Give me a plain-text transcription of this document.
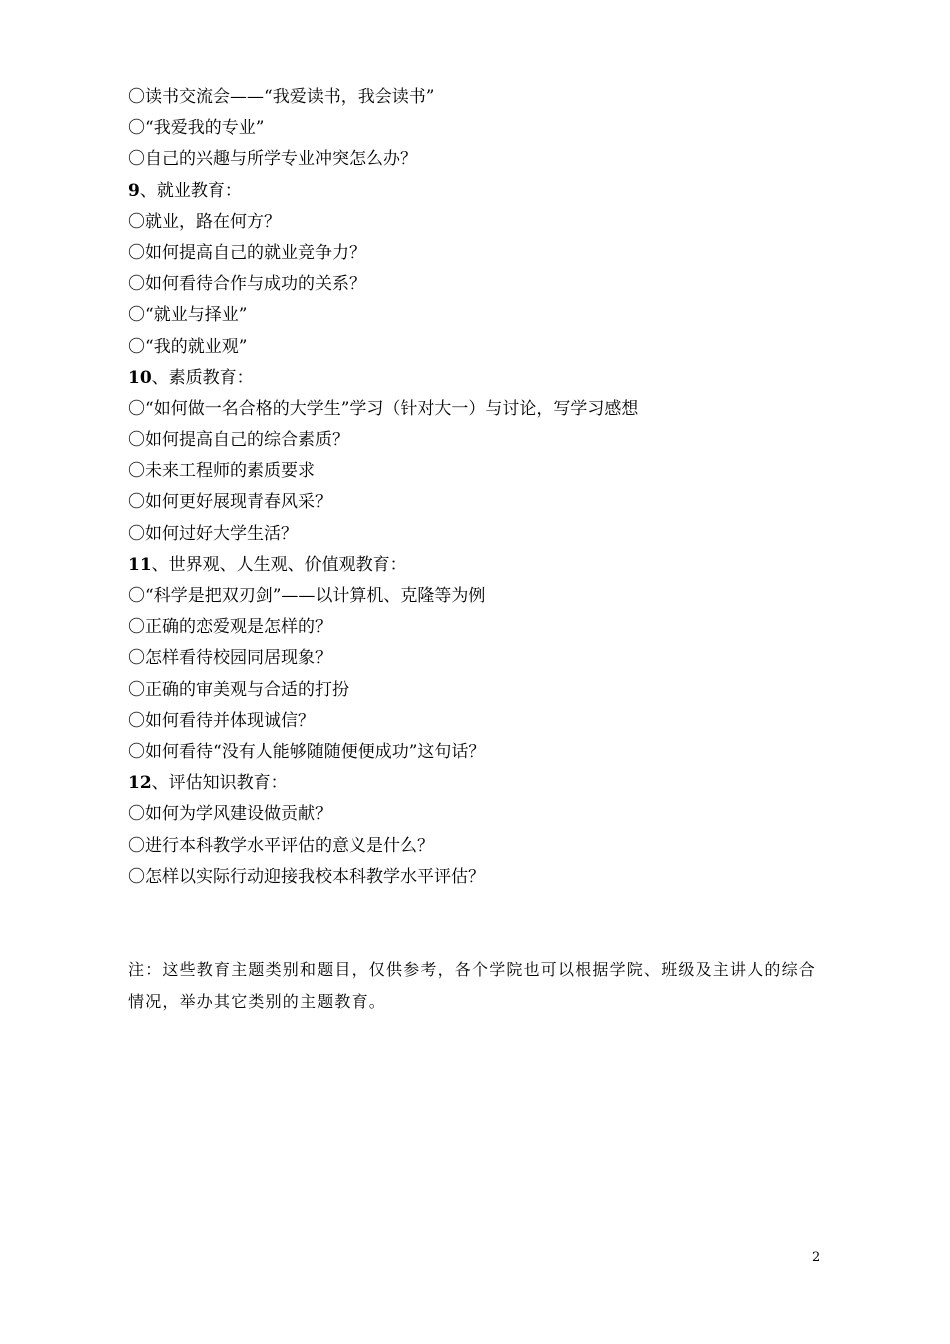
〇读书交流会——“我爱读书，我会读书”
〇“我爱我的专业”
〇自己的兴趣与所学专业冲突怎么办？
9、就业教育：
〇就业，路在何方？
〇如何提高自己的就业竞争力？
〇如何看待合作与成功的关系？
〇“就业与择业”
〇“我的就业观”
10、素质教育：
〇“如何做一名合格的大学生”学习（针对大一）与讨论，写学习感想
〇如何提高自己的综合素质？
〇未来工程师的素质要求
〇如何更好展现青春风采？
〇如何过好大学生活？
11、世界观、人生观、价值观教育：
〇“科学是把双刃剑”——以计算机、克隆等为例
〇正确的恋爱观是怎样的？
〇怎样看待校园同居现象？
〇正确的审美观与合适的打扮
〇如何看待并体现诚信？
〇如何看待“没有人能够随随便便成功”这句话？
12、评估知识教育：
〇如何为学风建设做贡献？
〇进行本科教学水平评估的意义是什么？
〇怎样以实际行动迎接我校本科教学水平评估？
注：这些教育主题类别和题目，仅供参考，各个学院也可以根据学院、班级及主讲人的综合情况，举办其它类别的主题教育。
2
